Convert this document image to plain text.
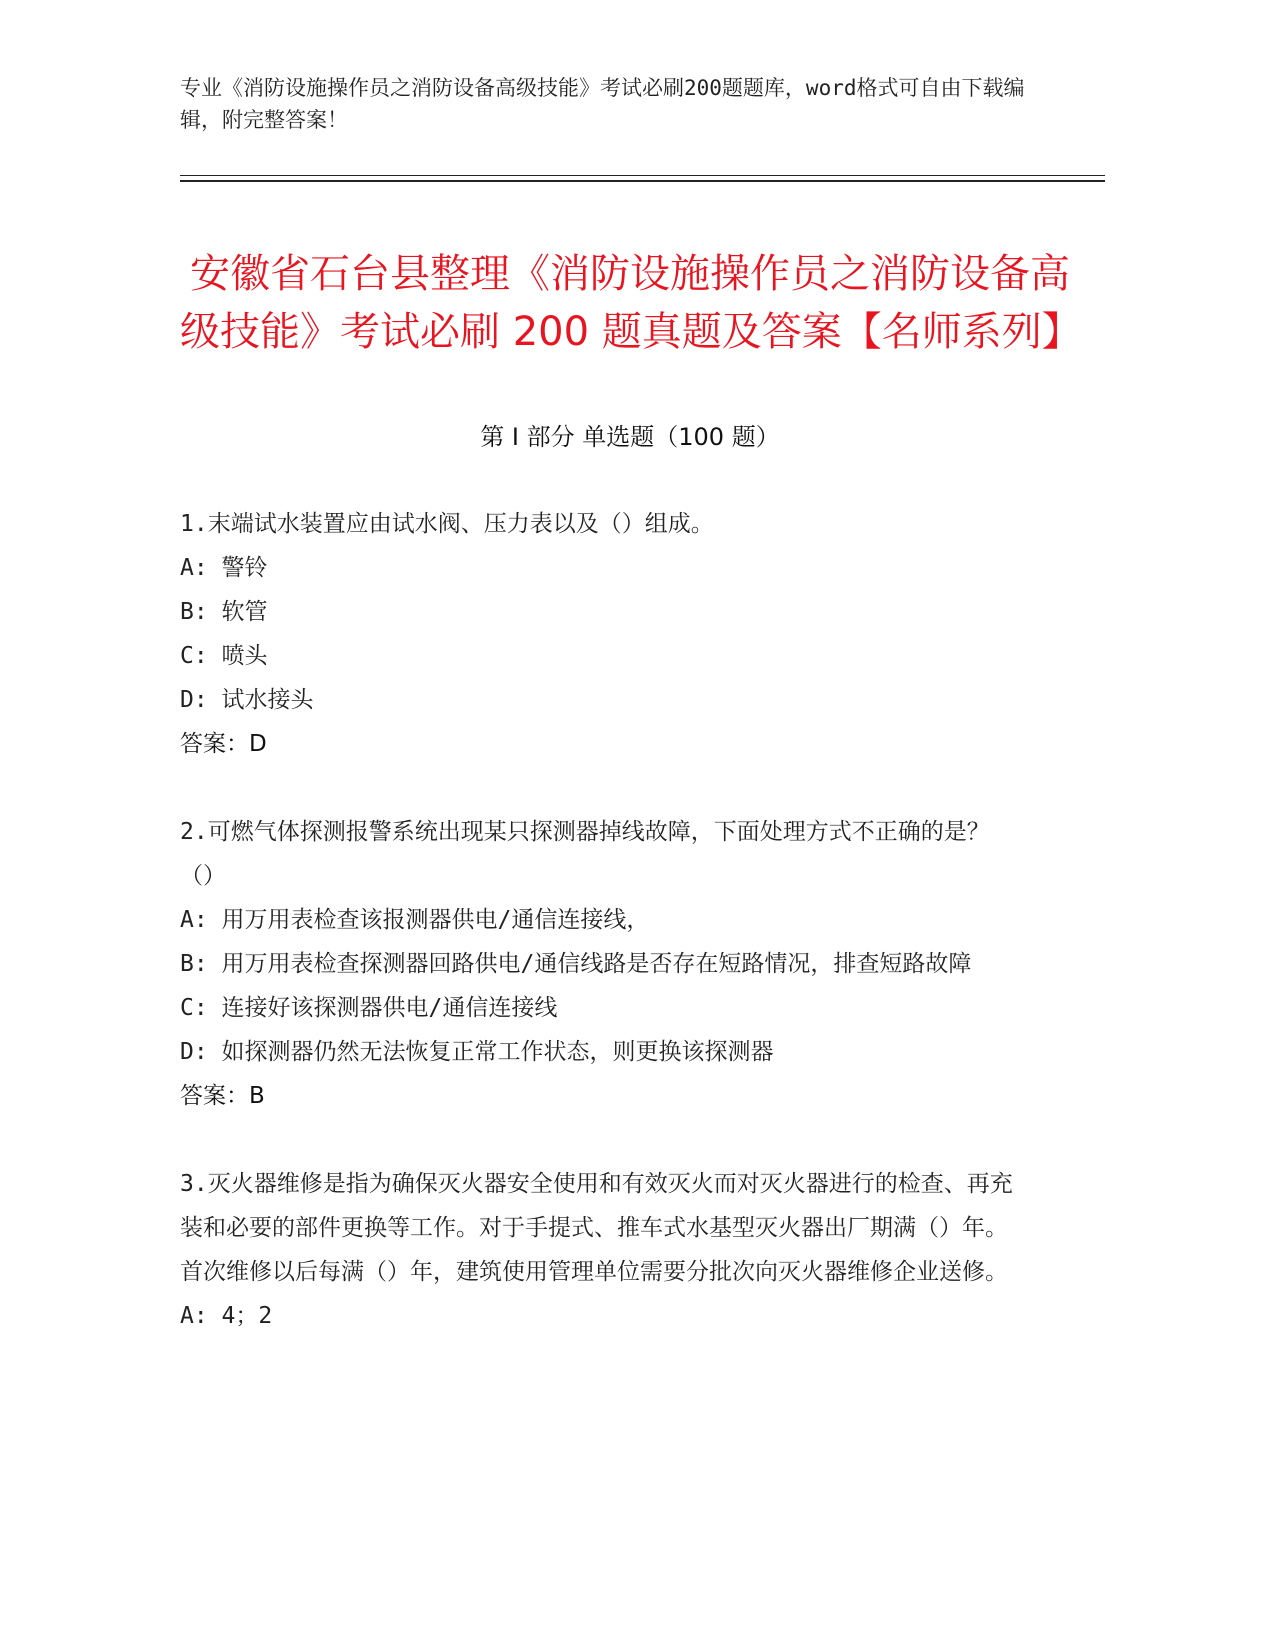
专业《消防设施操作员之消防设备高级技能》考试必刷200题题库，word格式可自由下载编辑，附完整答案！
安徽省石台县整理《消防设施操作员之消防设备高级技能》考试必刷 200 题真题及答案【名师系列】
第 I 部分 单选题（100 题）

1.末端试水装置应由试水阀、压力表以及（）组成。

A: 警铃

B: 软管

C: 喷头

D: 试水接头

答案：D

2.可燃气体探测报警系统出现某只探测器掉线故障，下面处理方式不正确的是？（）

A: 用万用表检查该报测器供电/通信连接线，

B: 用万用表检查探测器回路供电/通信线路是否存在短路情况，排查短路故障

C: 连接好该探测器供电/通信连接线

D: 如探测器仍然无法恢复正常工作状态，则更换该探测器

答案：B

3.灭火器维修是指为确保灭火器安全使用和有效灭火而对灭火器进行的检查、再充装和必要的部件更换等工作。对于手提式、推车式水基型灭火器出厂期满（）年。首次维修以后每满（）年，建筑使用管理单位需要分批次向灭火器维修企业送修。

A: 4；2
